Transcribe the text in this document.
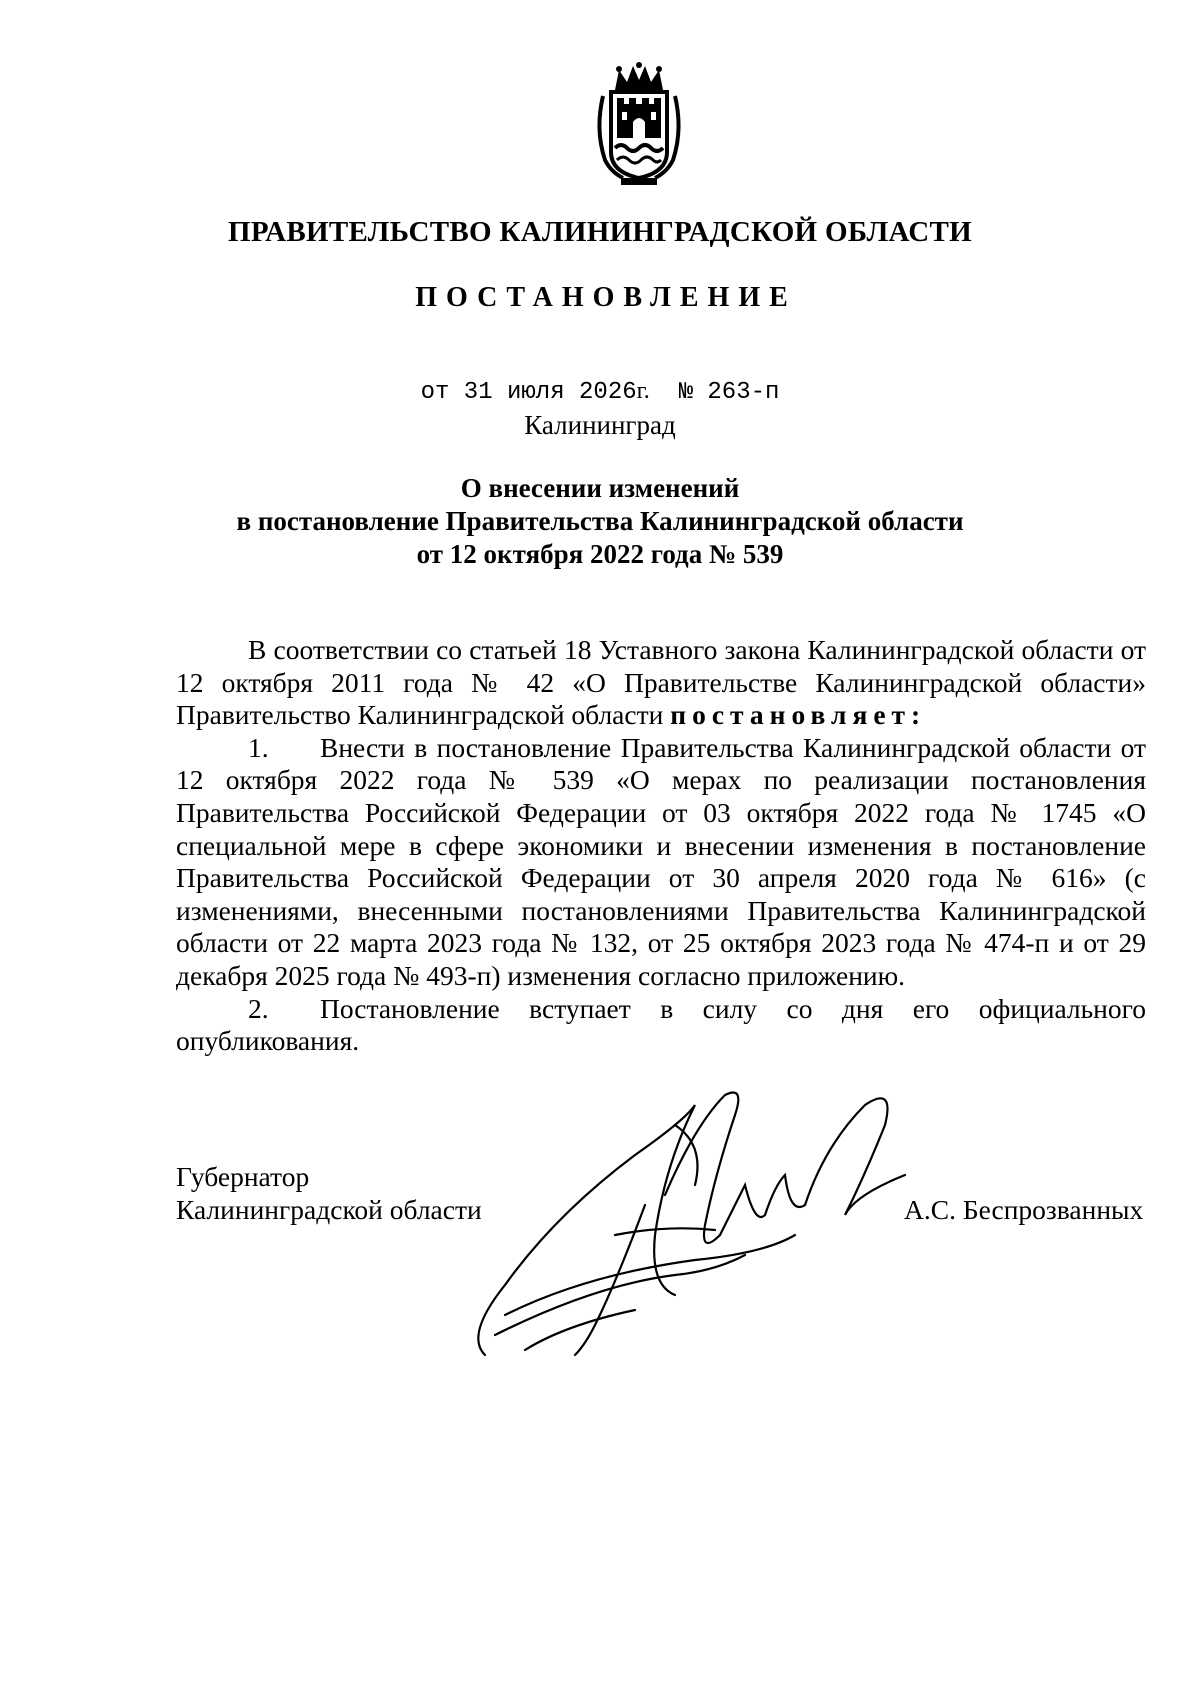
ПРАВИТЕЛЬСТВО КАЛИНИНГРАДСКОЙ ОБЛАСТИ
ПОСТАНОВЛЕНИЕ
от 31 июля 2026г. № 263-п
Калининград
О внесении изменений
в постановление Правительства Калининградской области
от 12 октября 2022 года № 539

В соответствии со статьей 18 Уставного закона Калининградской области от 12 октября 2011 года № 42 «О Правительстве Калининградской области» Правительство Калининградской области постановляет:

1. Внести в постановление Правительства Калининградской области от 12 октября 2022 года № 539 «О мерах по реализации постановления Правительства Российской Федерации от 03 октября 2022 года № 1745 «О специальной мере в сфере экономики и внесении изменения в постановление Правительства Российской Федерации от 30 апреля 2020 года № 616» (с изменениями, внесенными постановлениями Правительства Калининградской области от 22 марта 2023 года № 132, от 25 октября 2023 года № 474-п и от 29 декабря 2025 года № 493-п) изменения согласно приложению.

2. Постановление вступает в силу со дня его официального опубликования.

Губернатор
Калининградской области	А.С. Беспрозванных
